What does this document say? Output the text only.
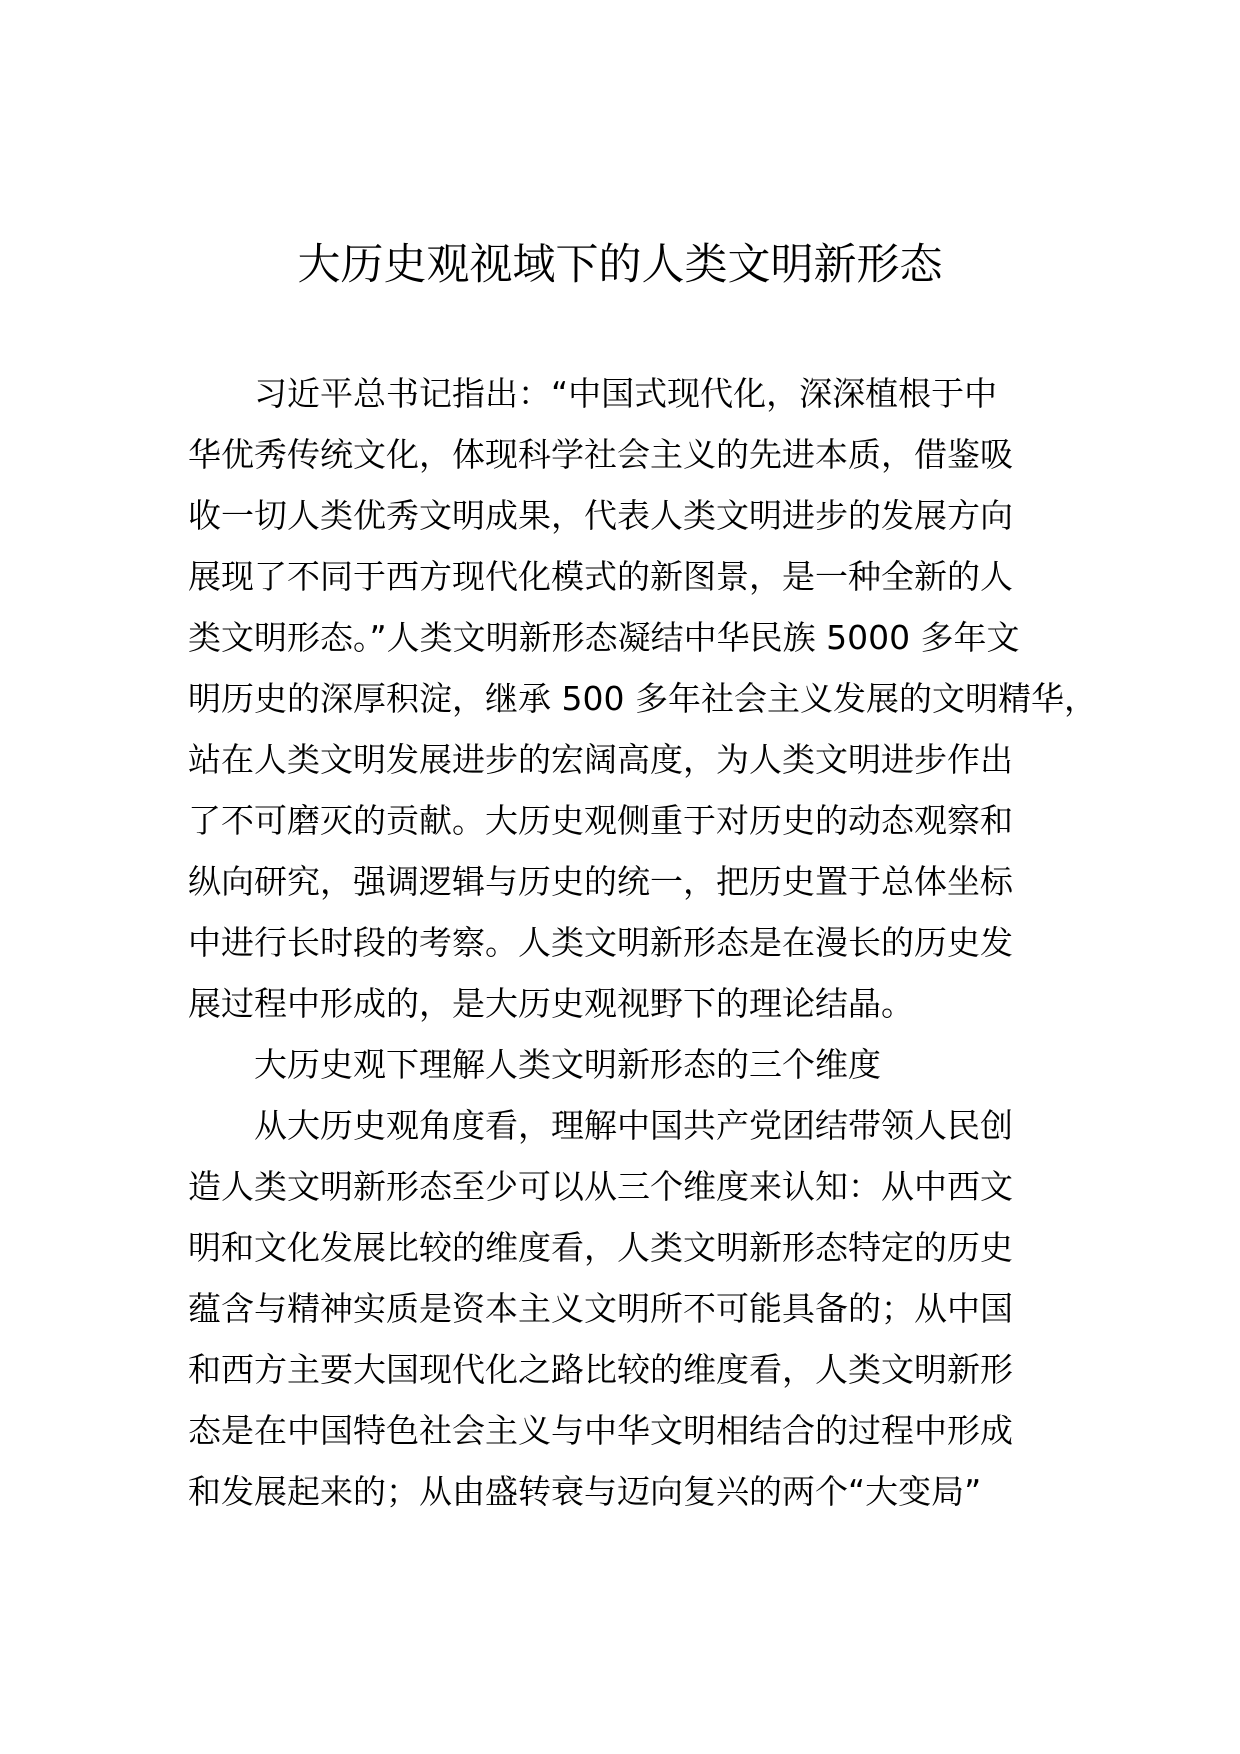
大历史观视域下的人类文明新形态
习近平总书记指出：“中国式现代化，深深植根于中
华优秀传统文化，体现科学社会主义的先进本质，借鉴吸
收一切人类优秀文明成果，代表人类文明进步的发展方向
展现了不同于西方现代化模式的新图景，是一种全新的人
类文明形态。”人类文明新形态凝结中华民族 5000 多年文
明历史的深厚积淀，继承 500 多年社会主义发展的文明精华，
站在人类文明发展进步的宏阔高度，为人类文明进步作出
了不可磨灭的贡献。大历史观侧重于对历史的动态观察和
纵向研究，强调逻辑与历史的统一，把历史置于总体坐标
中进行长时段的考察。人类文明新形态是在漫长的历史发
展过程中形成的，是大历史观视野下的理论结晶。
大历史观下理解人类文明新形态的三个维度
从大历史观角度看，理解中国共产党团结带领人民创
造人类文明新形态至少可以从三个维度来认知：从中西文
明和文化发展比较的维度看，人类文明新形态特定的历史
蕴含与精神实质是资本主义文明所不可能具备的；从中国
和西方主要大国现代化之路比较的维度看，人类文明新形
态是在中国特色社会主义与中华文明相结合的过程中形成
和发展起来的；从由盛转衰与迈向复兴的两个“大变局”
